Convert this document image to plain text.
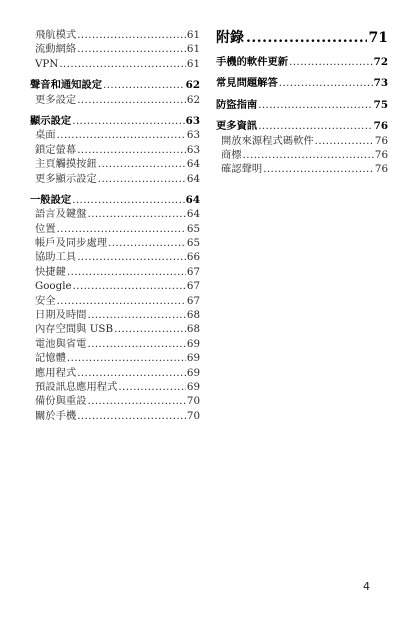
飛航模式 .....	61
流動網絡 .....	61
VPN .....	61
聲音和通知設定 .....	62
更多設定 .....	62
顯示設定 .....	63
桌面 .....	63
鎖定螢幕 .....	63
主頁觸摸按鈕 .....	64
更多顯示設定 .....	64
一般設定 .....	64
語言及鍵盤 .....	64
位置 .....	65
帳戶及同步處理 .....	65
協助工具 .....	66
快捷鍵 .....	67
Google .....	67
安全 .....	67
日期及時間 .....	68
內存空間與 USB .....	68
電池與省電 .....	69
記憶體 .....	69
應用程式 .....	69
預設訊息應用程式 .....	69
備份與重設 .....	70
關於手機 .....	70
附錄 .....	71
手機的軟件更新 .....	72
常見問題解答 .....	73
防盜指南 .....	75
更多資訊 .....	76
開放來源程式碼軟件 .....	76
商標 .....	76
確認聲明 .....	76
4
